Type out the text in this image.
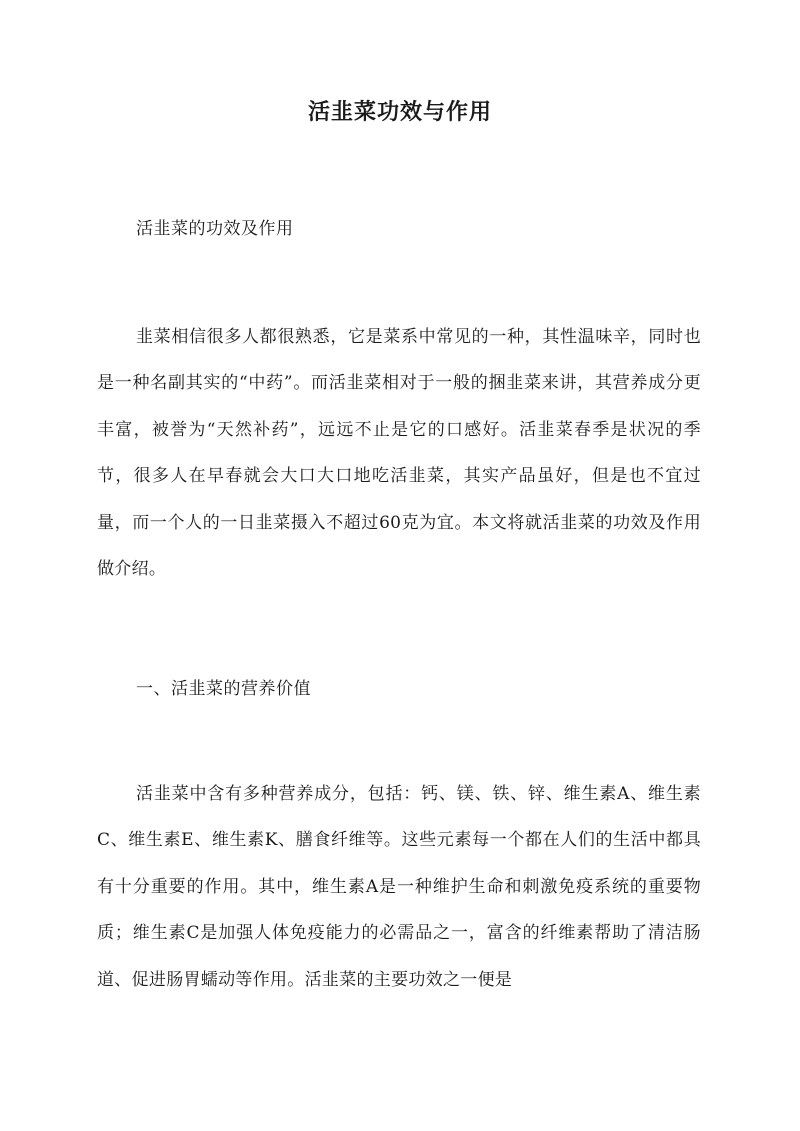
活韭菜功效与作用
活韭菜的功效及作用

韭菜相信很多人都很熟悉，它是菜系中常见的一种，其性温味辛，同时也是一种名副其实的“中药”。而活韭菜相对于一般的捆韭菜来讲，其营养成分更丰富，被誉为“天然补药”，远远不止是它的口感好。活韭菜春季是状况的季节，很多人在早春就会大口大口地吃活韭菜，其实产品虽好，但是也不宜过量，而一个人的一日韭菜摄入不超过60克为宜。本文将就活韭菜的功效及作用做介绍。

一、活韭菜的营养价值

活韭菜中含有多种营养成分，包括：钙、镁、铁、锌、维生素A、维生素C、维生素E、维生素K、膳食纤维等。这些元素每一个都在人们的生活中都具有十分重要的作用。其中，维生素A是一种维护生命和刺激免疫系统的重要物质；维生素C是加强人体免疫能力的必需品之一，富含的纤维素帮助了清洁肠道、促进肠胃蠕动等作用。活韭菜的主要功效之一便是
